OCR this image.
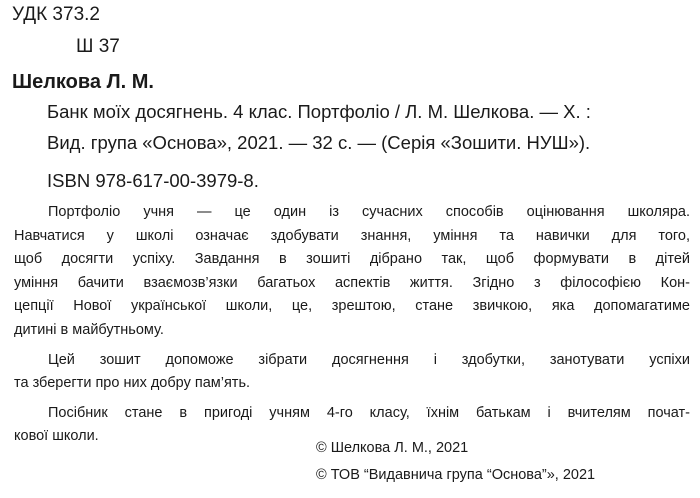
УДК 373.2
Ш 37
Шелкова Л. М.
Банк моїх досягнень. 4 клас. Портфоліо / Л. М. Шелкова. — Х. :
Вид. група «Основа», 2021. — 32 с. — (Серія «Зошити. НУШ»).
ISBN 978-617-00-3979-8.
Портфоліо учня — це один із сучасних способів оцінювання школяра.
Навчатися у школі означає здобувати знання, уміння та навички для того,
щоб досягти успіху. Завдання в зошиті дібрано так, щоб формувати в дітей
уміння бачити взаємозв’язки багатьох аспектів життя. Згідно з філософією Кон-
цепції Нової української школи, це, зрештою, стане звичкою, яка допомагатиме
дитині в майбутньому.
Цей зошит допоможе зібрати досягнення і здобутки, занотувати успіхи
та зберегти про них добру пам’ять.
Посібник стане в пригоді учням 4-го класу, їхнім батькам і вчителям почат-
кової школи.
© Шелкова Л. М., 2021
© ТОВ “Видавнича група “Основа”», 2021
